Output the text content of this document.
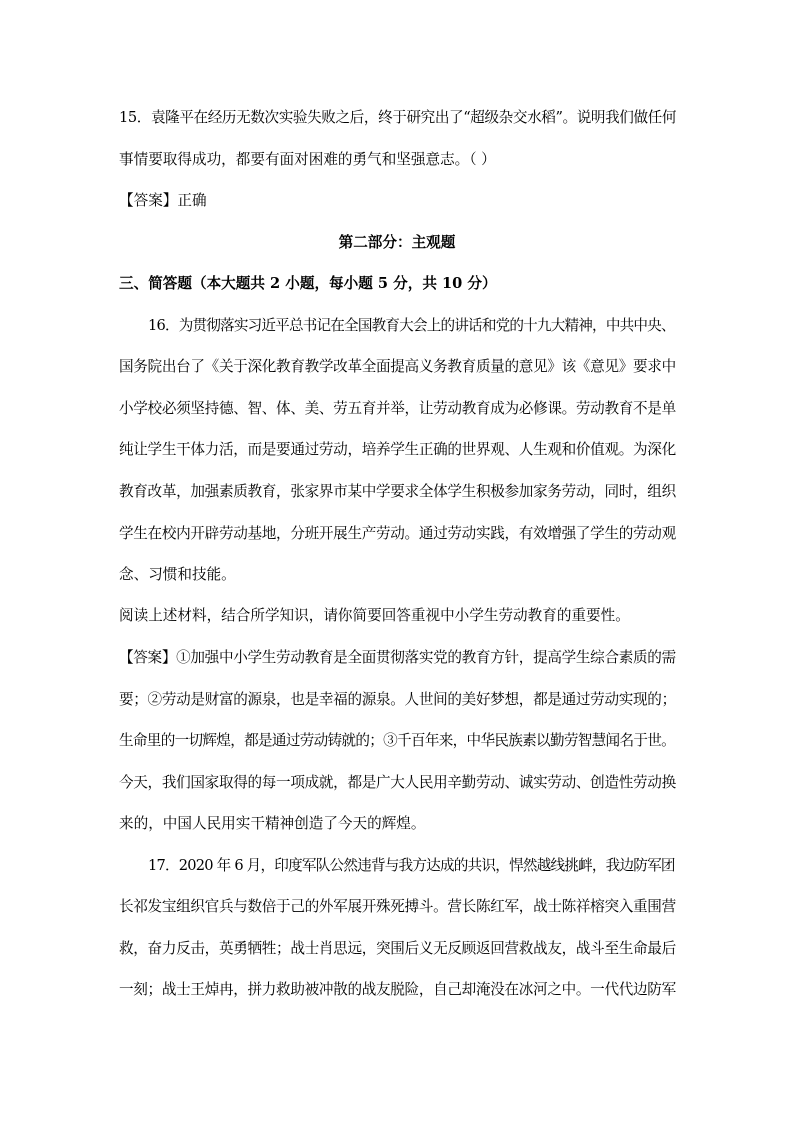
15．袁隆平在经历无数次实验失败之后，终于研究出了“超级杂交水稻”。说明我们做任何
事情要取得成功，都要有面对困难的勇气和坚强意志。（ ）
【答案】正确
第二部分：主观题
三、简答题（本大题共 2 小题，每小题 5 分，共 10 分）
16．为贯彻落实习近平总书记在全国教育大会上的讲话和党的十九大精神，中共中央、
国务院出台了《关于深化教育教学改革全面提高义务教育质量的意见》该《意见》要求中
小学校必须坚持德、智、体、美、劳五育并举，让劳动教育成为必修课。劳动教育不是单
纯让学生干体力活，而是要通过劳动，培养学生正确的世界观、人生观和价值观。为深化
教育改革，加强素质教育，张家界市某中学要求全体学生积极参加家务劳动，同时，组织
学生在校内开辟劳动基地，分班开展生产劳动。通过劳动实践，有效增强了学生的劳动观
念、习惯和技能。
阅读上述材料，结合所学知识，请你简要回答重视中小学生劳动教育的重要性。
【答案】①加强中小学生劳动教育是全面贯彻落实党的教育方针，提高学生综合素质的需
要；②劳动是财富的源泉，也是幸福的源泉。人世间的美好梦想，都是通过劳动实现的；
生命里的一切辉煌，都是通过劳动铸就的；③千百年来，中华民族素以勤劳智慧闻名于世。
今天，我们国家取得的每一项成就，都是广大人民用辛勤劳动、诚实劳动、创造性劳动换
来的，中国人民用实干精神创造了今天的辉煌。
17．2020 年 6 月，印度军队公然违背与我方达成的共识，悍然越线挑衅，我边防军团
长祁发宝组织官兵与数倍于己的外军展开殊死搏斗。营长陈红军，战士陈祥榕突入重围营
救，奋力反击，英勇牺牲；战士肖思远，突围后义无反顾返回营救战友，战斗至生命最后
一刻；战士王焯冉，拼力救助被冲散的战友脱险，自己却淹没在冰河之中。一代代边防军
